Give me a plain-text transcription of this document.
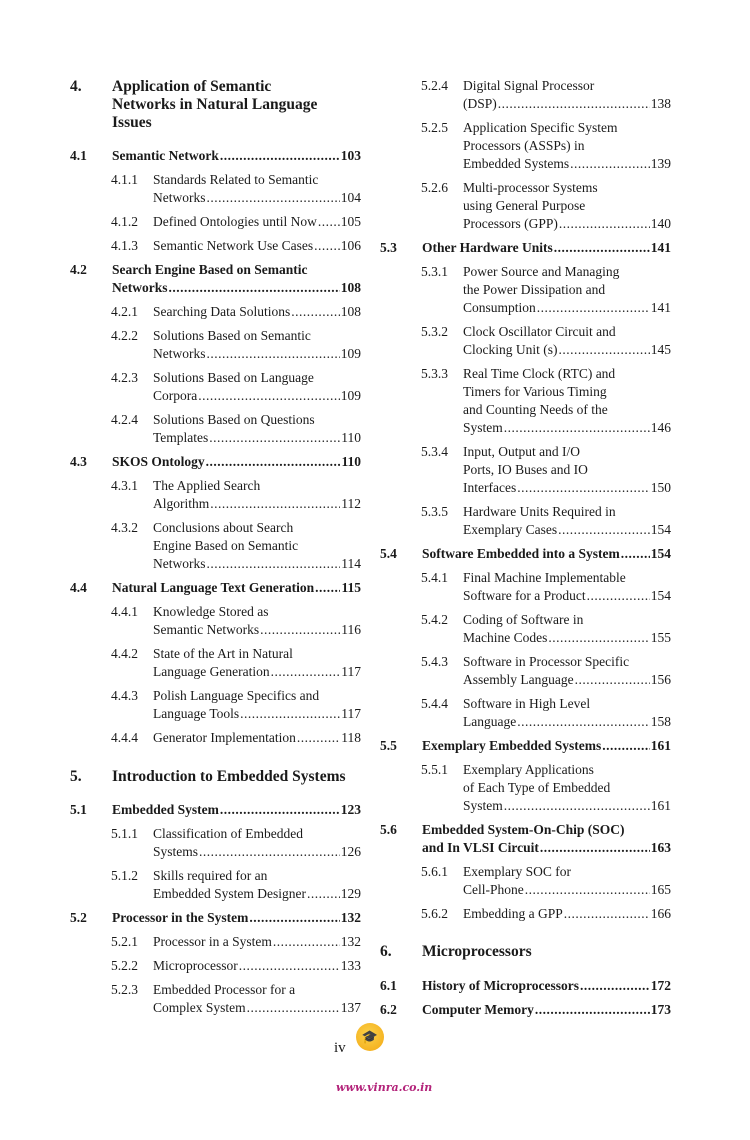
4. Application of Semantic
Networks in Natural Language
Issues
4.1 Semantic Network .....	103
4.1.1 Standards Related to Semantic
Networks .....	104
4.1.2 Defined Ontologies until Now ..... 105
4.1.3 Semantic Network Use Cases ..... 106
4.2 Search Engine Based on Semantic
Networks .....	108
4.2.1 Searching Data Solutions .....	108
4.2.2 Solutions Based on Semantic
Networks .....	109
4.2.3 Solutions Based on Language
Corpora .....	109
4.2.4 Solutions Based on Questions
Templates .....	110
4.3 SKOS Ontology .....	110
4.3.1 The Applied Search
Algorithm .....	112
4.3.2 Conclusions about Search
Engine Based on Semantic
Networks .....	114
4.4 Natural Language Text Generation ..... 115
4.4.1 Knowledge Stored as
Semantic Networks .....	116
4.4.2 State of the Art in Natural
Language Generation .....	117
4.4.3 Polish Language Specifics and
Language Tools .....	117
4.4.4 Generator Implementation .....	118
5. Introduction to Embedded Systems
5.1 Embedded System .....	123
5.1.1 Classification of Embedded
Systems .....	126
5.1.2 Skills required for an
Embedded System Designer .....	129
5.2 Processor in the System .....	132
5.2.1 Processor in a System .....	132
5.2.2 Microprocessor .....	133
5.2.3 Embedded Processor for a
Complex System .....	137
5.2.4 Digital Signal Processor
(DSP) .....	138
5.2.5 Application Specific System
Processors (ASSPs) in
Embedded Systems .....	139
5.2.6 Multi-processor Systems
using General Purpose
Processors (GPP) .....	140
5.3 Other Hardware Units .....	141
5.3.1 Power Source and Managing
the Power Dissipation and
Consumption .....	141
5.3.2 Clock Oscillator Circuit and
Clocking Unit (s) .....	145
5.3.3 Real Time Clock (RTC) and
Timers for Various Timing
and Counting Needs of the
System .....	146
5.3.4 Input, Output and I/O
Ports, IO Buses and IO
Interfaces .....	150
5.3.5 Hardware Units Required in
Exemplary Cases .....	154
5.4 Software Embedded into a System ..... 154
5.4.1 Final Machine Implementable
Software for a Product .....	154
5.4.2 Coding of Software in
Machine Codes .....	155
5.4.3 Software in Processor Specific
Assembly Language .....	156
5.4.4 Software in High Level
Language .....	158
5.5 Exemplary Embedded Systems .....	161
5.5.1 Exemplary Applications
of Each Type of Embedded
System .....	161
5.6 Embedded System-On-Chip (SOC)
and In VLSI Circuit .....	163
5.6.1 Exemplary SOC for
Cell-Phone .....	165
5.6.2 Embedding a GPP .....	166
6. Microprocessors
6.1 History of Microprocessors .....	172
6.2 Computer Memory .....	173
iv
🎓
www.vinra.co.in
